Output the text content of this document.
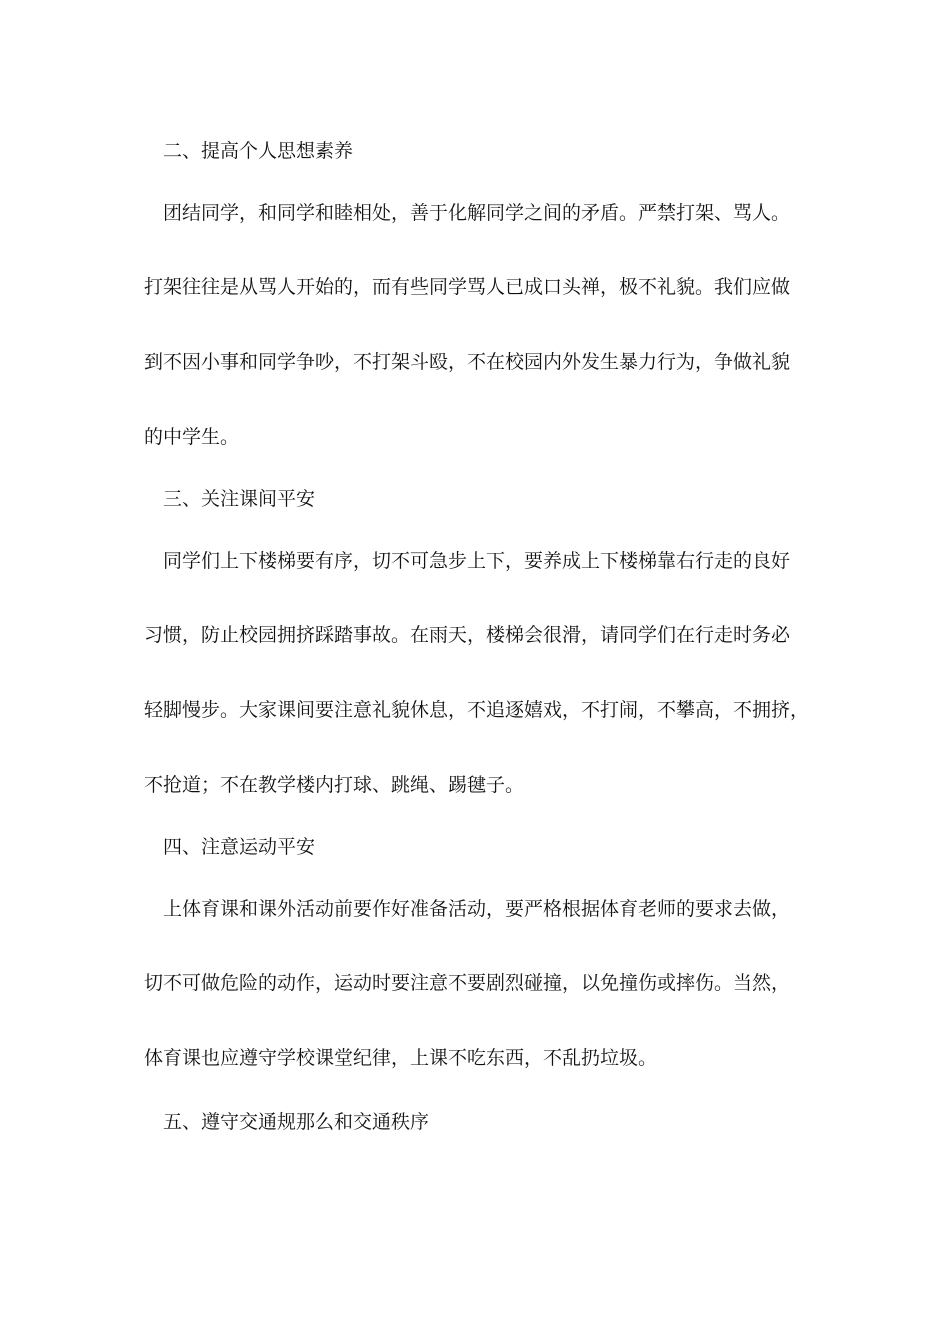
二、提高个人思想素养
团结同学，和同学和睦相处，善于化解同学之间的矛盾。严禁打架、骂人。
打架往往是从骂人开始的，而有些同学骂人已成口头禅，极不礼貌。我们应做
到不因小事和同学争吵，不打架斗殴，不在校园内外发生暴力行为，争做礼貌
的中学生。
三、关注课间平安
同学们上下楼梯要有序，切不可急步上下，要养成上下楼梯靠右行走的良好
习惯，防止校园拥挤踩踏事故。在雨天，楼梯会很滑，请同学们在行走时务必
轻脚慢步。大家课间要注意礼貌休息，不追逐嬉戏，不打闹，不攀高，不拥挤，
不抢道；不在教学楼内打球、跳绳、踢毽子。
四、注意运动平安
上体育课和课外活动前要作好准备活动，要严格根据体育老师的要求去做，
切不可做危险的动作，运动时要注意不要剧烈碰撞，以免撞伤或摔伤。当然，
体育课也应遵守学校课堂纪律，上课不吃东西，不乱扔垃圾。
五、遵守交通规那么和交通秩序
